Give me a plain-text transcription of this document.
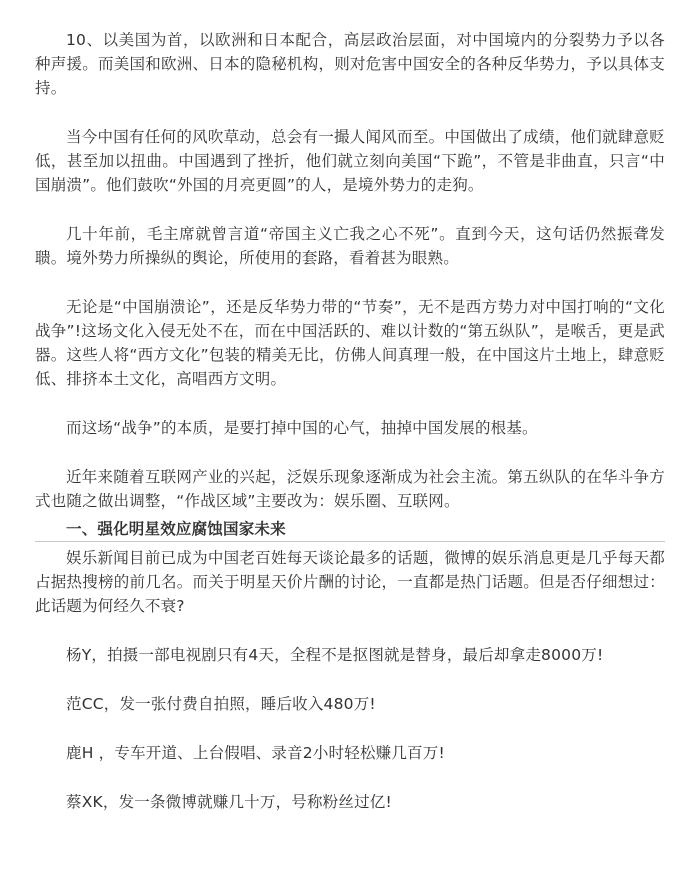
10、以美国为首，以欧洲和日本配合，高层政治层面，对中国境内的分裂势力予以各种声援。而美国和欧洲、日本的隐秘机构，则对危害中国安全的各种反华势力，予以具体支持。

当今中国有任何的风吹草动，总会有一撮人闻风而至。中国做出了成绩，他们就肆意贬低，甚至加以扭曲。中国遇到了挫折，他们就立刻向美国“下跪”，不管是非曲直，只言“中国崩溃”。他们鼓吹“外国的月亮更圆”的人，是境外势力的走狗。

几十年前，毛主席就曾言道“帝国主义亡我之心不死”。直到今天，这句话仍然振聋发聩。境外势力所操纵的舆论，所使用的套路，看着甚为眼熟。

无论是“中国崩溃论”，还是反华势力带的“节奏”，无不是西方势力对中国打响的“文化战争”!这场文化入侵无处不在，而在中国活跃的、难以计数的“第五纵队”，是喉舌，更是武器。这些人将“西方文化”包装的精美无比，仿佛人间真理一般，在中国这片土地上，肆意贬低、排挤本土文化，高唱西方文明。

而这场“战争”的本质，是要打掉中国的心气，抽掉中国发展的根基。

近年来随着互联网产业的兴起，泛娱乐现象逐渐成为社会主流。第五纵队的在华斗争方式也随之做出调整，“作战区域”主要改为：娱乐圈、互联网。

一、强化明星效应腐蚀国家未来

娱乐新闻目前已成为中国老百姓每天谈论最多的话题，微博的娱乐消息更是几乎每天都占据热搜榜的前几名。而关于明星天价片酬的讨论，一直都是热门话题。但是否仔细想过：此话题为何经久不衰?

杨Y，拍摄一部电视剧只有4天，全程不是抠图就是替身，最后却拿走8000万!

范CC，发一张付费自拍照，睡后收入480万!

鹿H ，专车开道、上台假唱、录音2小时轻松赚几百万!

蔡XK，发一条微博就赚几十万，号称粉丝过亿!
